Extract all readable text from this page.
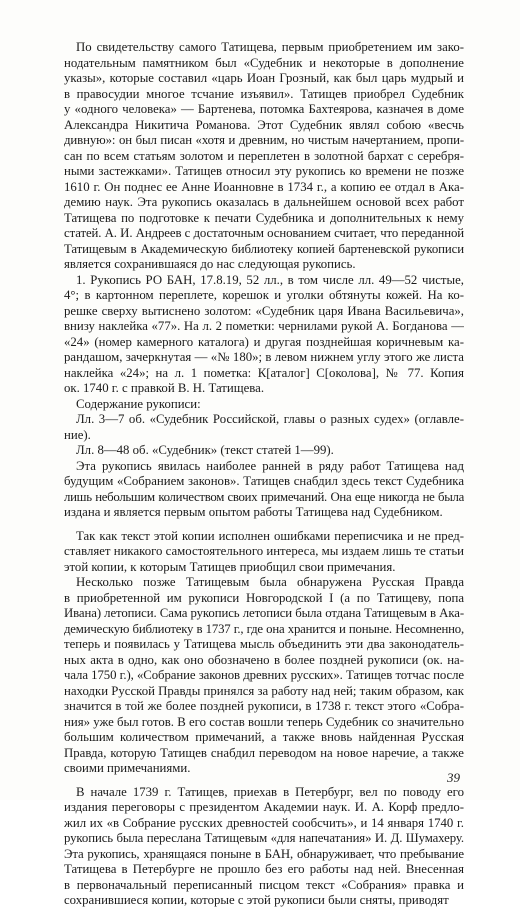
По свидетельству самого Татищева, первым приобретением им зако-
нодательным памятником был «Судебник и некоторые в дополнение
указы», которые составил «царь Иоан Грозный, как был царь мудрый и
в правосудии многое тсчание изъявил». Татищев приобрел Судебник
у «одного человека» — Бартенева, потомка Бахтеярова, казначея в доме
Александра Никитича Романова. Этот Судебник являл собою «весчь
дивную»: он был писан «хотя и древним, но чистым начертанием, пропи-
сан по всем статьям золотом и переплетен в золотной бархат с серебря-
ными застежками». Татищев относил эту рукопись ко времени не позже
1610 г. Он поднес ее Анне Иоанновне в 1734 г., а копию ее отдал в Ака-
демию наук. Эта рукопись оказалась в дальнейшем основой всех работ
Татищева по подготовке к печати Судебника и дополнительных к нему
статей. А. И. Андреев с достаточным основанием считает, что переданной
Татищевым в Академическую библиотеку копией бартеневской рукописи
является сохранившаяся до нас следующая рукопись.
1. Рукопись РО БАН, 17.8.19, 52 лл., в том числе лл. 49—52 чистые,
4°; в картонном переплете, корешок и уголки обтянуты кожей. На ко-
решке сверху вытиснено золотом: «Судебник царя Ивана Васильевича»,
внизу наклейка «77». На л. 2 пометки: чернилами рукой А. Богданова —
«24» (номер камерного каталога) и другая позднейшая коричневым ка-
рандашом, зачеркнутая — «№ 180»; в левом нижнем углу этого же листа
наклейка «24»; на л. 1 пометка: К[аталог] С[околова], № 77. Копия
ок. 1740 г. с правкой В. Н. Татищева.
Содержание рукописи:
Лл. 3—7 об. «Судебник Российской, главы о разных судех» (оглавле-
ние).
Лл. 8—48 об. «Судебник» (текст статей 1—99).
Эта рукопись явилась наиболее ранней в ряду работ Татищева над
будущим «Собранием законов». Татищев снабдил здесь текст Судебника
лишь небольшим количеством своих примечаний. Она еще никогда не была
издана и является первым опытом работы Татищева над Судебником.
Так как текст этой копии исполнен ошибками переписчика и не пред-
ставляет никакого самостоятельного интереса, мы издаем лишь те статьи
этой копии, к которым Татищев приобщил свои примечания.
Несколько позже Татищевым была обнаружена Русская Правда
в приобретенной им рукописи Новгородской I (а по Татищеву, попа
Ивана) летописи. Сама рукопись летописи была отдана Татищевым в Ака-
демическую библиотеку в 1737 г., где она хранится и поныне. Несомненно,
теперь и появилась у Татищева мысль объединить эти два законодатель-
ных акта в одно, как оно обозначено в более поздней рукописи (ок. на-
чала 1750 г.), «Собрание законов древних русских». Татищев тотчас после
находки Русской Правды принялся за работу над ней; таким образом, как
значится в той же более поздней рукописи, в 1738 г. текст этого «Собра-
ния» уже был готов. В его состав вошли теперь Судебник со значительно
большим количеством примечаний, а также вновь найденная Русская
Правда, которую Татищев снабдил переводом на новое наречие, а также
своими примечаниями.
В начале 1739 г. Татищев, приехав в Петербург, вел по поводу его
издания переговоры с президентом Академии наук. И. А. Корф предло-
жил их «в Собрание русских древностей сообсчить», и 14 января 1740 г.
рукопись была переслана Татищевым «для напечатания» И. Д. Шумахеру.
Эта рукопись, хранящаяся поныне в БАН, обнаруживает, что пребывание
Татищева в Петербурге не прошло без его работы над ней. Внесенная
в первоначальный переписанный писцом текст «Собрания» правка и
сохранившиеся копии, которые с этой рукописи были сняты, приводят
39
